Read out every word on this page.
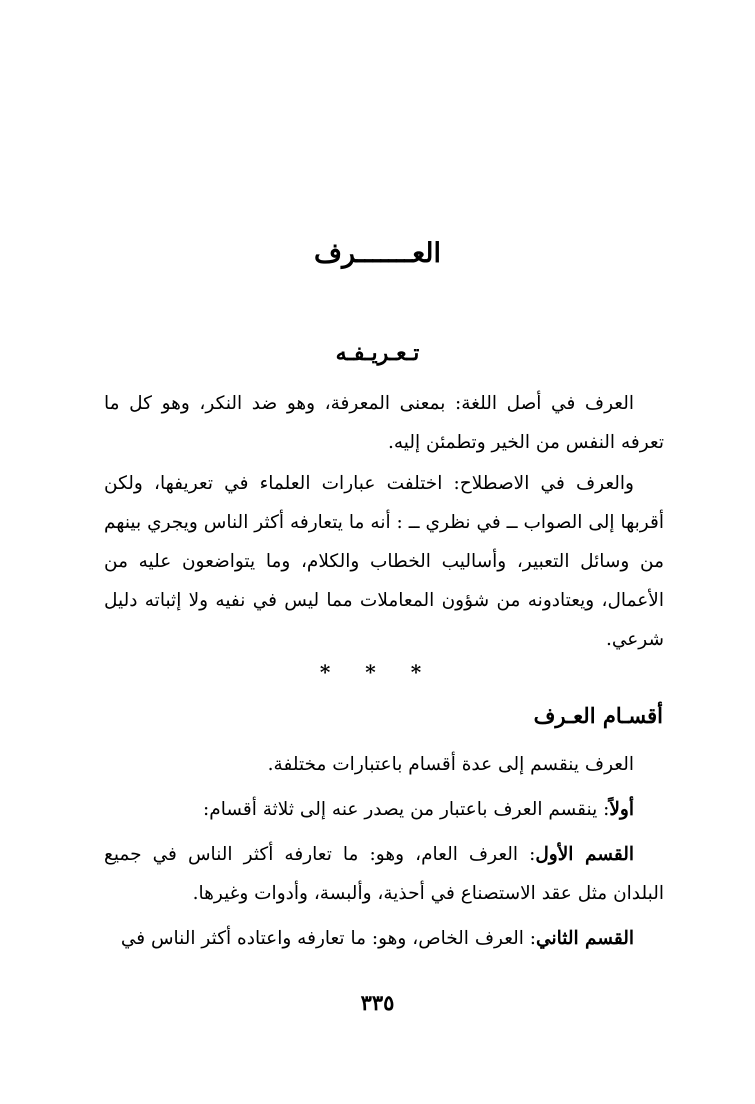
العـــــــرف
تـعـريـفـه

العرف في أصل اللغة: بمعنى المعرفة، وهو ضد النكر، وهو كل ما تعرفه النفس من الخير وتطمئن إليه.

والعرف في الاصطلاح: اختلفت عبارات العلماء في تعريفها، ولكن أقربها إلى الصواب ــ في نظري ــ : أنه ما يتعارفه أكثر الناس ويجري بينهم من وسائل التعبير، وأساليب الخطاب والكلام، وما يتواضعون عليه من الأعمال، ويعتادونه من شؤون المعاملات مما ليس في نفيه ولا إثباته دليل شرعي.

* * *
أقسـام العـرف

العرف ينقسم إلى عدة أقسام باعتبارات مختلفة.

أولاً: ينقسم العرف باعتبار من يصدر عنه إلى ثلاثة أقسام:

القسم الأول: العرف العام، وهو: ما تعارفه أكثر الناس في جميع البلدان مثل عقد الاستصناع في أحذية، وألبسة، وأدوات وغيرها.

القسم الثاني: العرف الخاص، وهو: ما تعارفه واعتاده أكثر الناس في

٣٣٥
